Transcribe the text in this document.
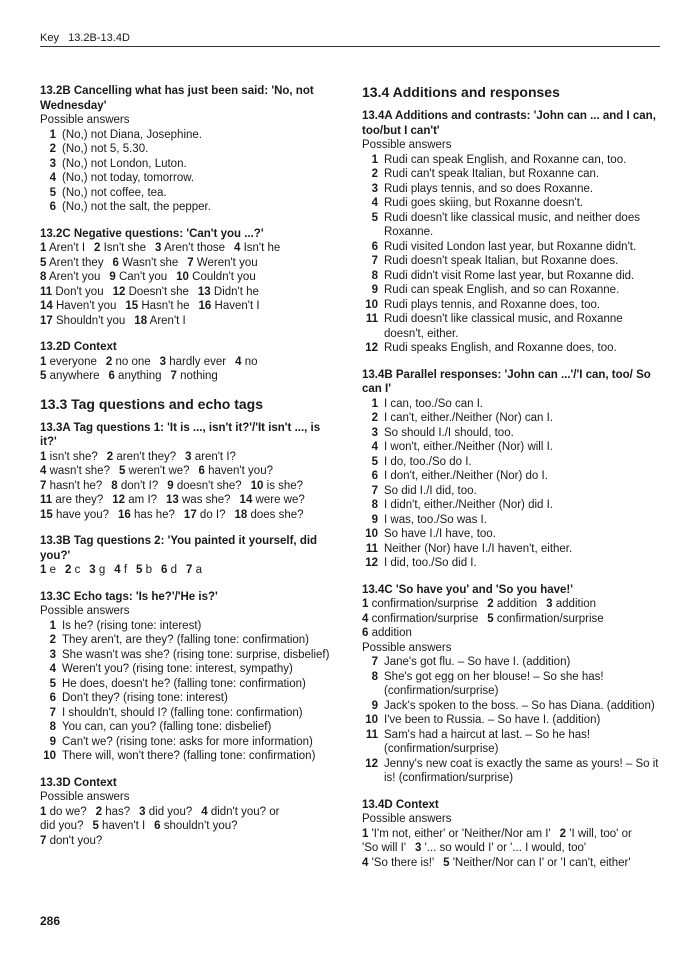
Key 13.2B-13.4D
13.2B Cancelling what has just been said: 'No, not Wednesday'
Possible answers
1 (No,) not Diana, Josephine.
2 (No,) not 5, 5.30.
3 (No,) not London, Luton.
4 (No,) not today, tomorrow.
5 (No,) not coffee, tea.
6 (No,) not the salt, the pepper.
13.2C Negative questions: 'Can't you ...?'
1 Aren't I  2 Isn't she  3 Aren't those  4 Isn't he
5 Aren't they  6 Wasn't she  7 Weren't you
8 Aren't you  9 Can't you  10 Couldn't you
11 Don't you  12 Doesn't she  13 Didn't he
14 Haven't you  15 Hasn't he  16 Haven't I
17 Shouldn't you  18 Aren't I
13.2D Context
1 everyone  2 no one  3 hardly ever  4 no
5 anywhere  6 anything  7 nothing
13.3 Tag questions and echo tags
13.3A Tag questions 1: 'It is ..., isn't it?'/'It isn't ..., is it?'
1 isn't she?  2 aren't they?  3 aren't I?
4 wasn't she?  5 weren't we?  6 haven't you?
7 hasn't he?  8 don't I?  9 doesn't she?  10 is she?
11 are they?  12 am I?  13 was she?  14 were we?
15 have you?  16 has he?  17 do I?  18 does she?
13.3B Tag questions 2: 'You painted it yourself, did you?'
1 e  2 c  3 g  4 f  5 b  6 d  7 a
13.3C Echo tags: 'Is he?'/'He is?'
Possible answers
1 Is he? (rising tone: interest)
2 They aren't, are they? (falling tone: confirmation)
3 She wasn't was she? (rising tone: surprise, disbelief)
4 Weren't you? (rising tone: interest, sympathy)
5 He does, doesn't he? (falling tone: confirmation)
6 Don't they? (rising tone: interest)
7 I shouldn't, should I? (falling tone: confirmation)
8 You can, can you? (falling tone: disbelief)
9 Can't we? (rising tone: asks for more information)
10 There will, won't there? (falling tone: confirmation)
13.3D Context
Possible answers
1 do we?  2 has?  3 did you?  4 didn't you? or
did you?  5 haven't I  6 shouldn't you?
7 don't you?
13.4 Additions and responses
13.4A Additions and contrasts: 'John can ... and I can, too/but I can't'
Possible answers
1 Rudi can speak English, and Roxanne can, too.
2 Rudi can't speak Italian, but Roxanne can.
3 Rudi plays tennis, and so does Roxanne.
4 Rudi goes skiing, but Roxanne doesn't.
5 Rudi doesn't like classical music, and neither does Roxanne.
6 Rudi visited London last year, but Roxanne didn't.
7 Rudi doesn't speak Italian, but Roxanne does.
8 Rudi didn't visit Rome last year, but Roxanne did.
9 Rudi can speak English, and so can Roxanne.
10 Rudi plays tennis, and Roxanne does, too.
11 Rudi doesn't like classical music, and Roxanne doesn't, either.
12 Rudi speaks English, and Roxanne does, too.
13.4B Parallel responses: 'John can ...'/'I can, too/ So can I'
1 I can, too./So can I.
2 I can't, either./Neither (Nor) can I.
3 So should I./I should, too.
4 I won't, either./Neither (Nor) will I.
5 I do, too./So do I.
6 I don't, either./Neither (Nor) do I.
7 So did I./I did, too.
8 I didn't, either./Neither (Nor) did I.
9 I was, too./So was I.
10 So have I./I have, too.
11 Neither (Nor) have I./I haven't, either.
12 I did, too./So did I.
13.4C 'So have you' and 'So you have!'
1 confirmation/surprise  2 addition  3 addition
4 confirmation/surprise  5 confirmation/surprise
6 addition
Possible answers
7 Jane's got flu. – So have I. (addition)
8 She's got egg on her blouse! – So she has! (confirmation/surprise)
9 Jack's spoken to the boss. – So has Diana. (addition)
10 I've been to Russia. – So have I. (addition)
11 Sam's had a haircut at last. – So he has! (confirmation/surprise)
12 Jenny's new coat is exactly the same as yours! – So it is! (confirmation/surprise)
13.4D Context
Possible answers
1 'I'm not, either' or 'Neither/Nor am I'  2 'I will, too' or
'So will I'  3 '... so would I' or '... I would, too'
4 'So there is!'  5 'Neither/Nor can I' or 'I can't, either'
286
